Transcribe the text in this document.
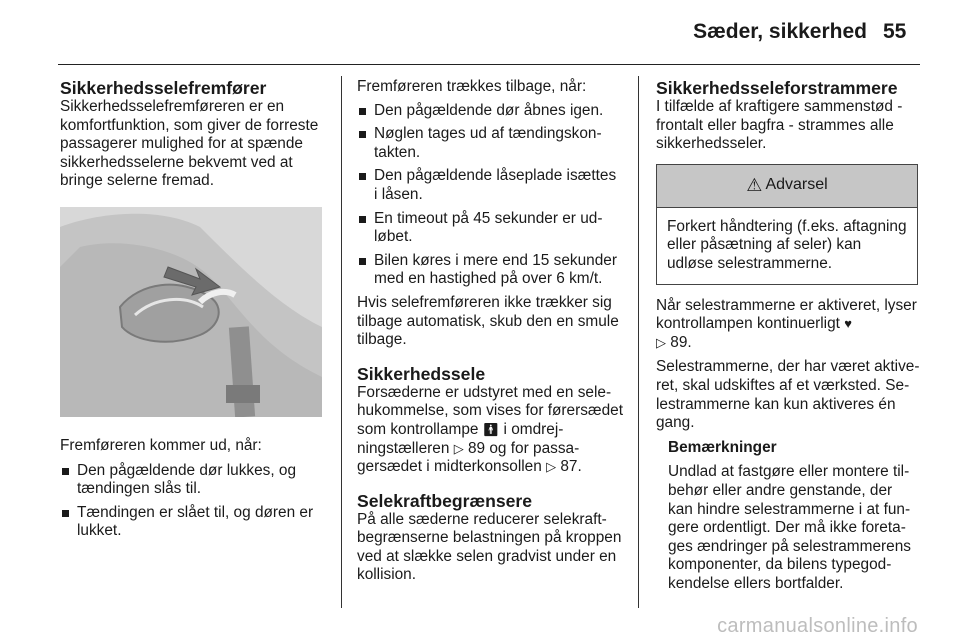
Sæder, sikkerhed 55
Sikkerhedsselefremfører

Sikkerhedsselefremføreren er en komfortfunktion, som giver de forreste passagerer mulighed for at spænde sikkerhedsselerne bekvemt ved at bringe selerne fremad.

Fremføreren kommer ud, når:

Den pågældende dør lukkes, og tændingen slås til.
Tændingen er slået til, og døren er lukket.

Fremføreren trækkes tilbage, når:

Den pågældende dør åbnes igen.
Nøglen tages ud af tændingskontakten.
Den pågældende låseplade isættes i låsen.
En timeout på 45 sekunder er udløbet.
Bilen køres i mere end 15 sekunder med en hastighed på over 6 km/t.

Hvis selefremføreren ikke trækker sig tilbage automatisk, skub den en smule tilbage.

Sikkerhedssele

Forsæderne er udstyret med en selehukommelse, som vises for førersædet som kontrollampe 🚹︎ i omdrejningstælleren ▷ 89 og for passagersædet i midterkonsollen ▷ 87.

Selekraftbegrænsere

På alle sæderne reducerer selekraftbegrænserne belastningen på kroppen ved at slække selen gradvist under en kollision.

Sikkerhedsseleforstrammere

I tilfælde af kraftigere sammenstød - frontalt eller bagfra - strammes alle sikkerhedsseler.

⚠︎ Advarsel
Forkert håndtering (f.eks. aftagning eller påsætning af seler) kan udløse selestrammerne.

Når selestrammerne er aktiveret, lyser kontrollampen kontinuerligt ♥︎
▷ 89.

Selestrammerne, der har været aktiveret, skal udskiftes af et værksted. Selestrammerne kan kun aktiveres én gang.

Bemærkninger

Undlad at fastgøre eller montere tilbehør eller andre genstande, der kan hindre selestrammerne i at fungere ordentligt. Der må ikke foretages ændringer på selestrammerens komponenter, da bilens typegodkendelse ellers bortfalder.

carmanualsonline.info
